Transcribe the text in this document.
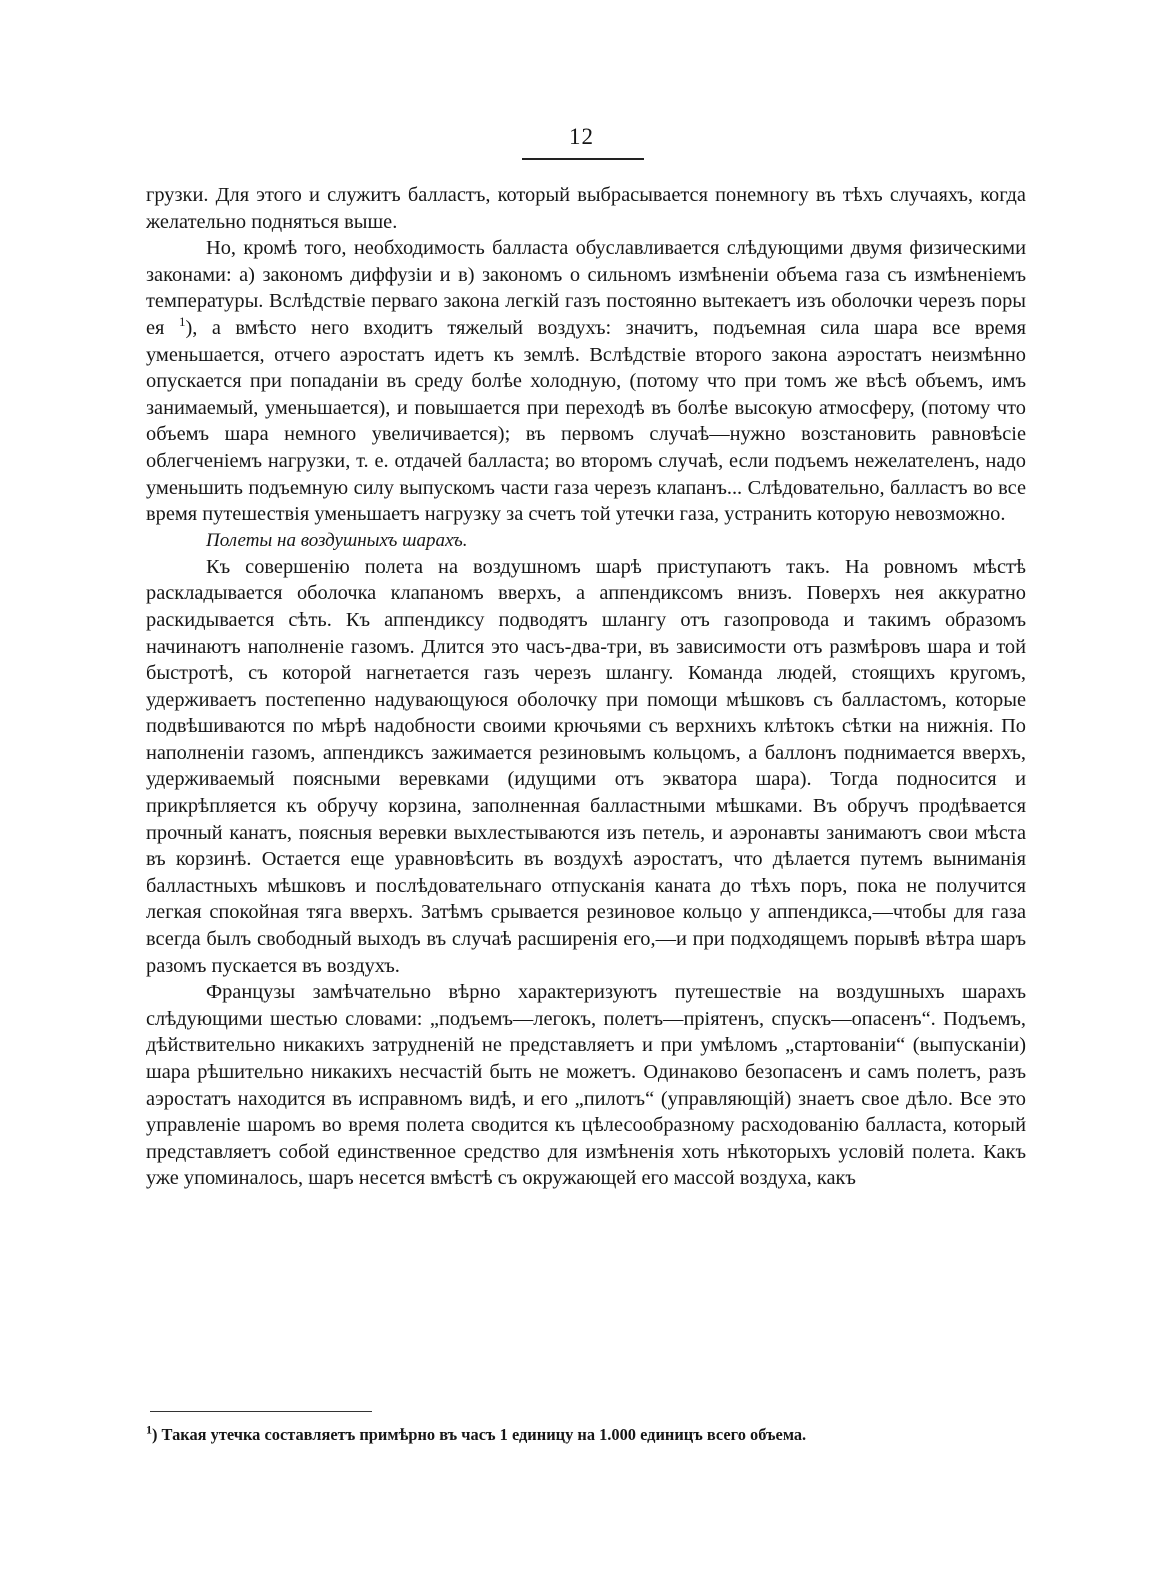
12

грузки. Для этого и служитъ балластъ, который выбрасывается понемногу въ тѣхъ случаяхъ, когда желательно подняться выше.

Но, кромѣ того, необходимость балласта обуславливается слѣдующими двумя физическими законами: а) закономъ диффузіи и в) закономъ о сильномъ измѣненіи объема газа съ измѣненіемъ температуры. Вслѣдствіе перваго закона легкій газъ постоянно вытекаетъ изъ оболочки черезъ поры ея $^1$), а вмѣсто него входитъ тяжелый воздухъ: значитъ, подъемная сила шара все время уменьшается, отчего аэростатъ идетъ къ землѣ. Вслѣдствіе второго закона аэростатъ неизмѣнно опускается при попаданіи въ среду болѣе холодную, (потому что при томъ же вѣсѣ объемъ, имъ занимаемый, уменьшается), и повышается при переходѣ въ болѣе высокую атмосферу, (потому что объемъ шара немного увеличивается); въ первомъ случаѣ—нужно возстановить равновѣсіе облегченіемъ нагрузки, т. е. отдачей балласта; во второмъ случаѣ, если подъемъ нежелателенъ, надо уменьшить подъемную силу выпускомъ части газа черезъ клапанъ... Слѣдовательно, балластъ во все время путешествія уменьшаетъ нагрузку за счетъ той утечки газа, устранить которую невозможно.

Полеты на воздушныхъ шарахъ.

Къ совершенію полета на воздушномъ шарѣ приступаютъ такъ. На ровномъ мѣстѣ раскладывается оболочка клапаномъ вверхъ, а аппендиксомъ внизъ. Поверхъ нея аккуратно раскидывается сѣть. Къ аппендиксу подводятъ шлангу отъ газопровода и такимъ образомъ начинаютъ наполненіе газомъ. Длится это часъ-два-три, въ зависимости отъ размѣровъ шара и той быстротѣ, съ которой нагнетается газъ черезъ шлангу. Команда людей, стоящихъ кругомъ, удерживаетъ постепенно надувающуюся оболочку при помощи мѣшковъ съ балластомъ, которые подвѣшиваются по мѣрѣ надобности своими крючьями съ верхнихъ клѣтокъ сѣтки на нижнія. По наполненіи газомъ, аппендиксъ зажимается резиновымъ кольцомъ, а баллонъ поднимается вверхъ, удерживаемый поясными веревками (идущими отъ экватора шара). Тогда подносится и прикрѣпляется къ обручу корзина, заполненная балластными мѣшками. Въ обручъ продѣвается прочный канатъ, поясныя веревки выхлестываются изъ петель, и аэронавты занимаютъ свои мѣста въ корзинѣ. Остается еще уравновѣсить въ воздухѣ аэростатъ, что дѣлается путемъ выниманія балластныхъ мѣшковъ и послѣдовательнаго отпусканія каната до тѣхъ поръ, пока не получится легкая спокойная тяга вверхъ. Затѣмъ срывается резиновое кольцо у аппендикса,—чтобы для газа всегда былъ свободный выходъ въ случаѣ расширенія его,—и при подходящемъ порывѣ вѣтра шаръ разомъ пускается въ воздухъ.

Французы замѣчательно вѣрно характеризуютъ путешествіе на воздушныхъ шарахъ слѣдующими шестью словами: „подъемъ—легокъ, полетъ—пріятенъ, спускъ—опасенъ“. Подъемъ, дѣйствительно никакихъ затрудненій не представляетъ и при умѣломъ „стартованіи“ (выпусканіи) шара рѣшительно никакихъ несчастій быть не можетъ. Одинаково безопасенъ и самъ полетъ, разъ аэростатъ находится въ исправномъ видѣ, и его „пилотъ“ (управляющій) знаетъ свое дѣло. Все это управленіе шаромъ во время полета сводится къ цѣлесообразному расходованію балласта, который представляетъ собой единственное средство для измѣненія хоть нѣкоторыхъ условій полета. Какъ уже упоминалось, шаръ несется вмѣстѣ съ окружающей его массой воздуха, какъ

$^1$) Такая утечка составляетъ примѣрно въ часъ 1 единицу на 1.000 единицъ всего объема.
